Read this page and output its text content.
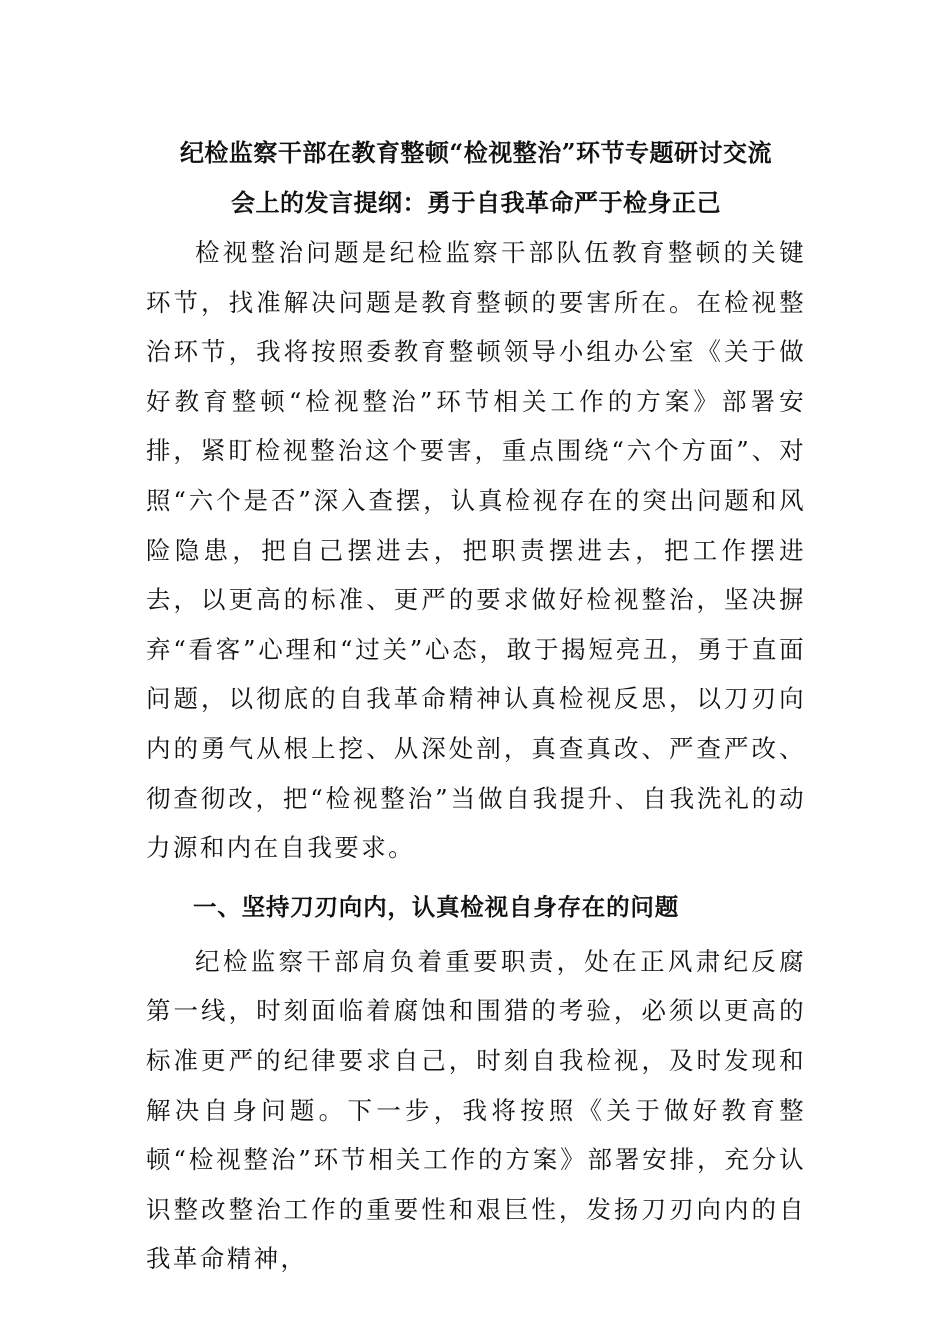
纪检监察干部在教育整顿“检视整治”环节专题研讨交流
会上的发言提纲：勇于自我革命严于检身正己

检视整治问题是纪检监察干部队伍教育整顿的关键环节，找准解决问题是教育整顿的要害所在。在检视整治环节，我将按照委教育整顿领导小组办公室《关于做好教育整顿“检视整治”环节相关工作的方案》部署安排，紧盯检视整治这个要害，重点围绕“六个方面”、对照“六个是否”深入查摆，认真检视存在的突出问题和风险隐患，把自己摆进去，把职责摆进去，把工作摆进去，以更高的标准、更严的要求做好检视整治，坚决摒弃“看客”心理和“过关”心态，敢于揭短亮丑，勇于直面问题，以彻底的自我革命精神认真检视反思，以刀刃向内的勇气从根上挖、从深处剖，真查真改、严查严改、彻查彻改，把“检视整治”当做自我提升、自我洗礼的动力源和内在自我要求。

一、坚持刀刃向内，认真检视自身存在的问题

纪检监察干部肩负着重要职责，处在正风肃纪反腐第一线，时刻面临着腐蚀和围猎的考验，必须以更高的标准更严的纪律要求自己，时刻自我检视，及时发现和解决自身问题。下一步，我将按照《关于做好教育整顿“检视整治”环节相关工作的方案》部署安排，充分认识整改整治工作的重要性和艰巨性，发扬刀刃向内的自我革命精神，
